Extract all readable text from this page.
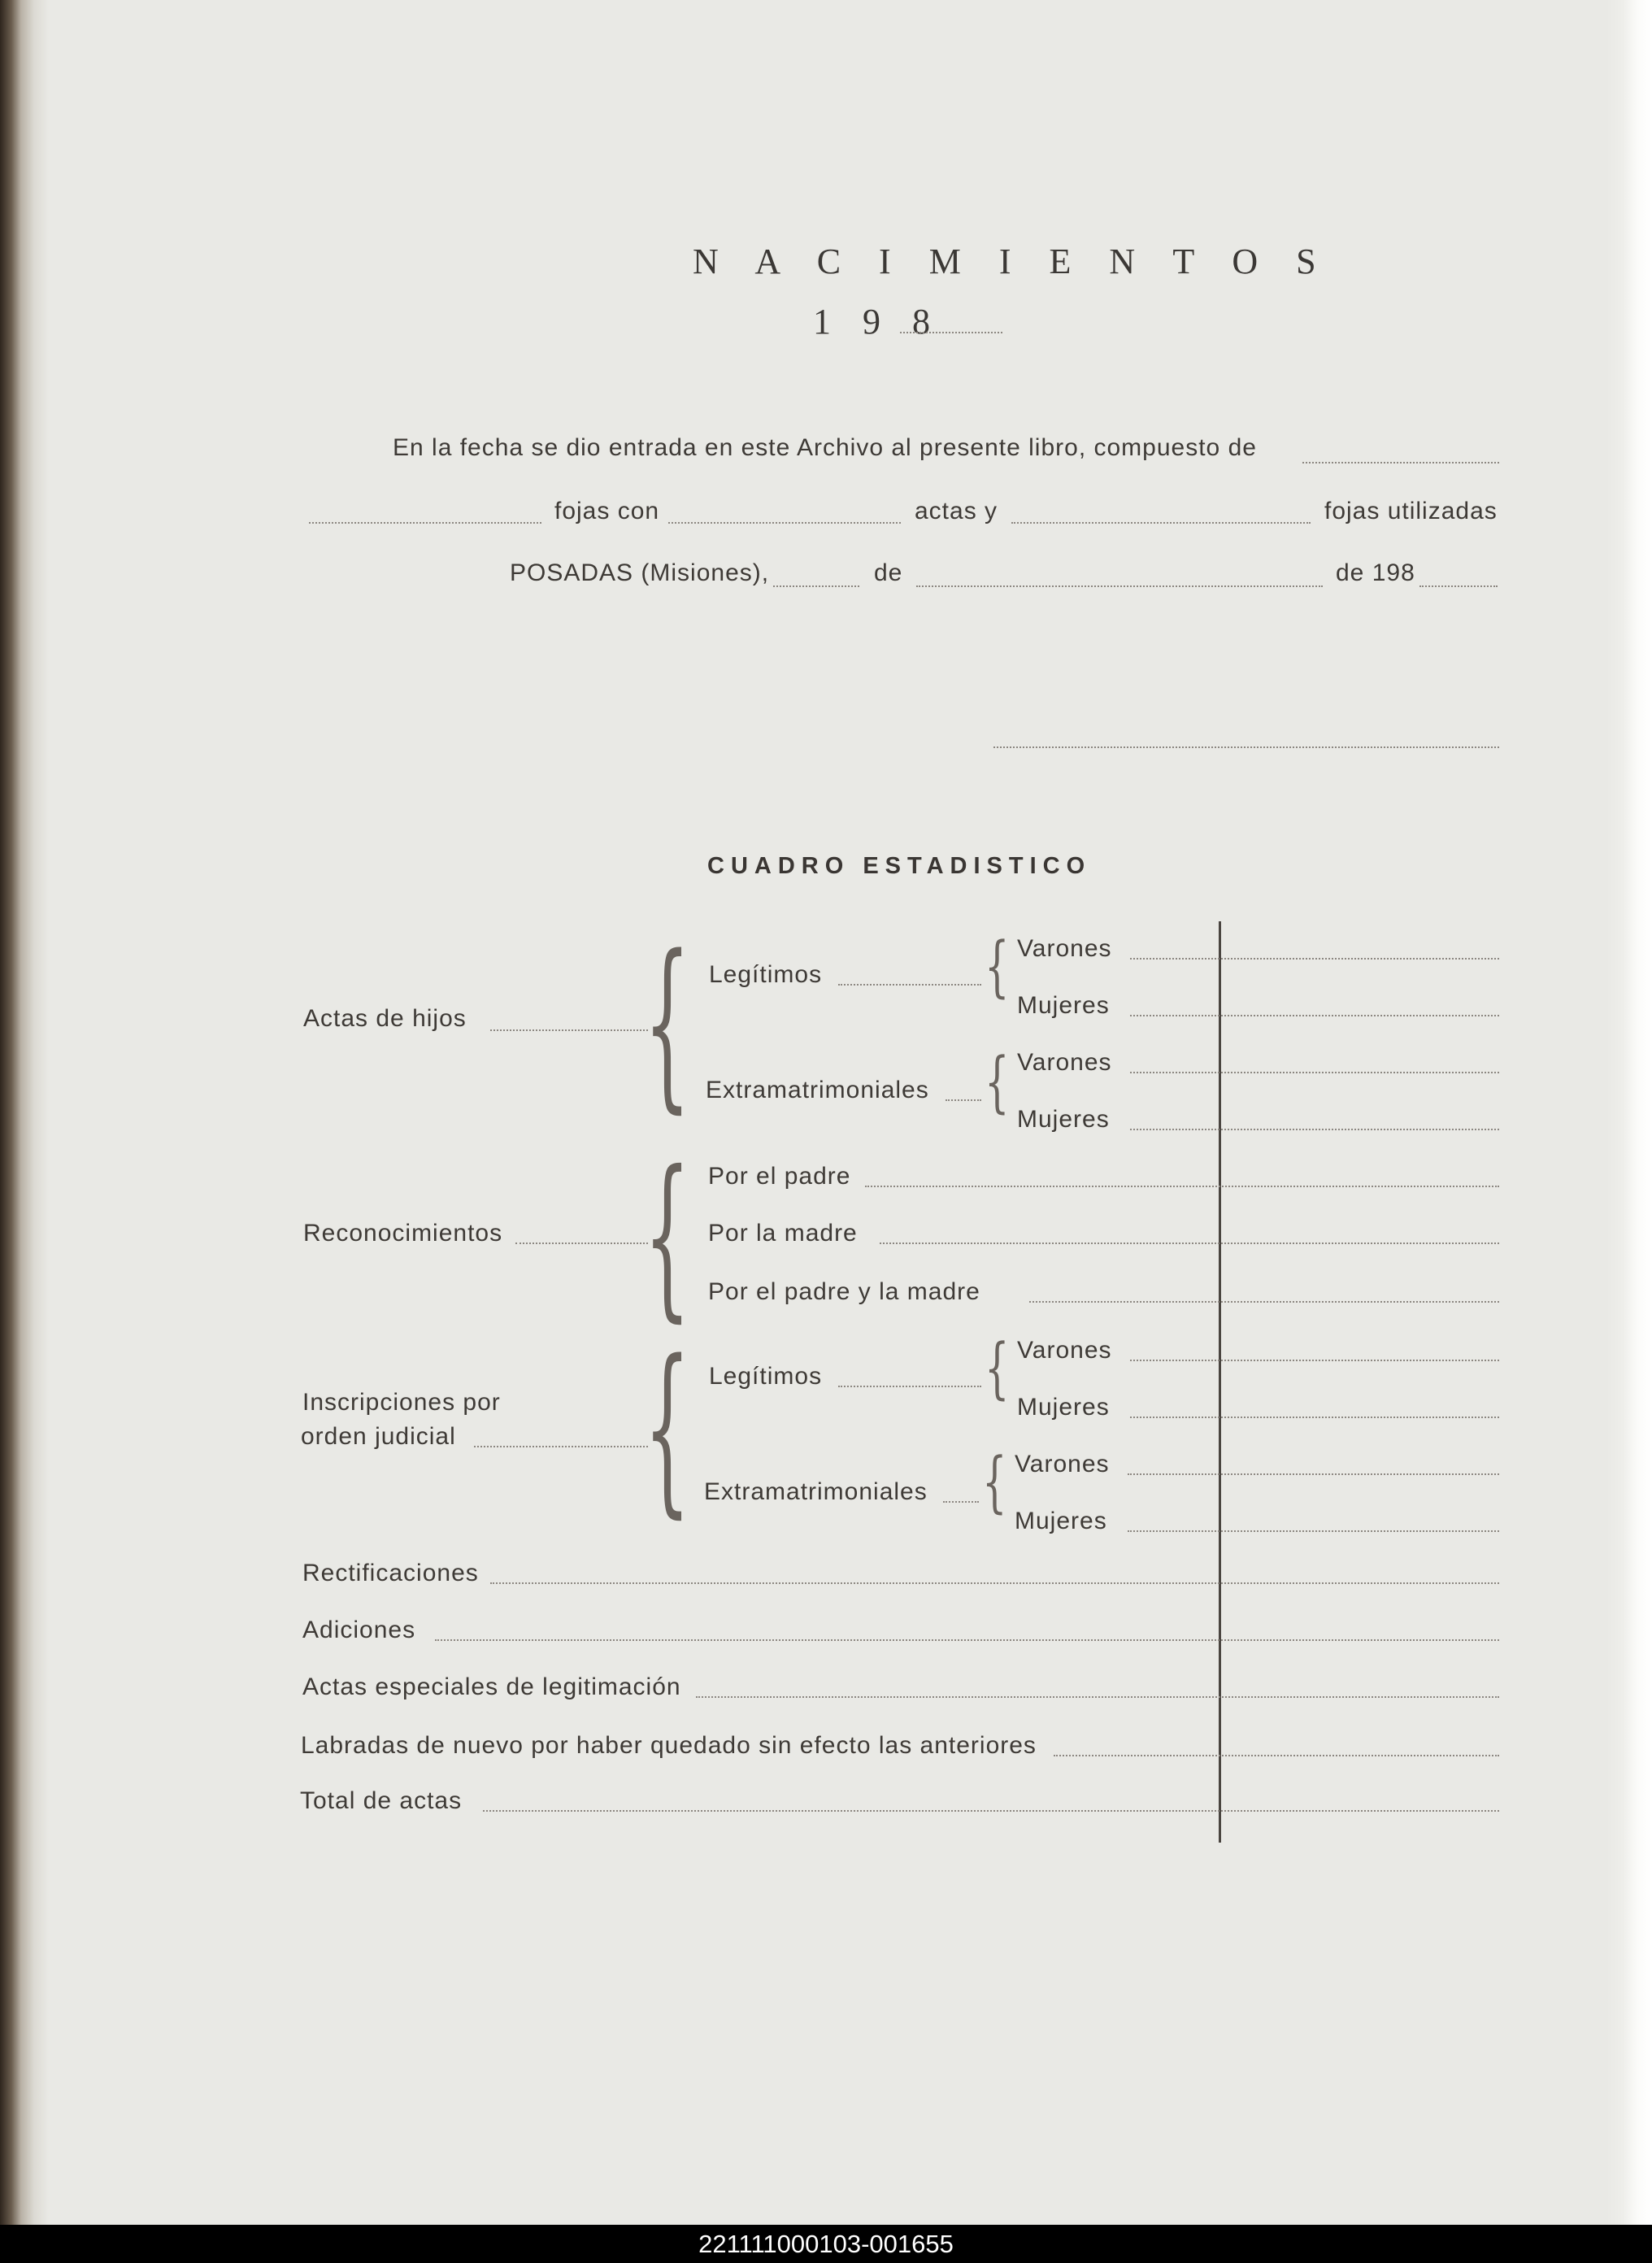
N A C I M I E N T O S
1 9 8
En la fecha se dio entrada en este Archivo al presente libro, compuesto de
fojas con	actas y	fojas utilizadas
POSADAS (Misiones),	de	de 198
CUADRO ESTADISTICO
Actas de hijos { Legítimos	{ Varones
Mujeres
Extramatrimoniales { Varones
Mujeres
Reconocimientos { Por el padre
Por la madre
Por el padre y la madre
Inscripciones por
orden judicial	{ Legítimos	{ Varones
Mujeres
Extramatrimoniales { Varones
Mujeres
Rectificaciones
Adiciones
Actas especiales de legitimación
Labradas de nuevo por haber quedado sin efecto las anteriores
Total de actas
221111000103-001655
